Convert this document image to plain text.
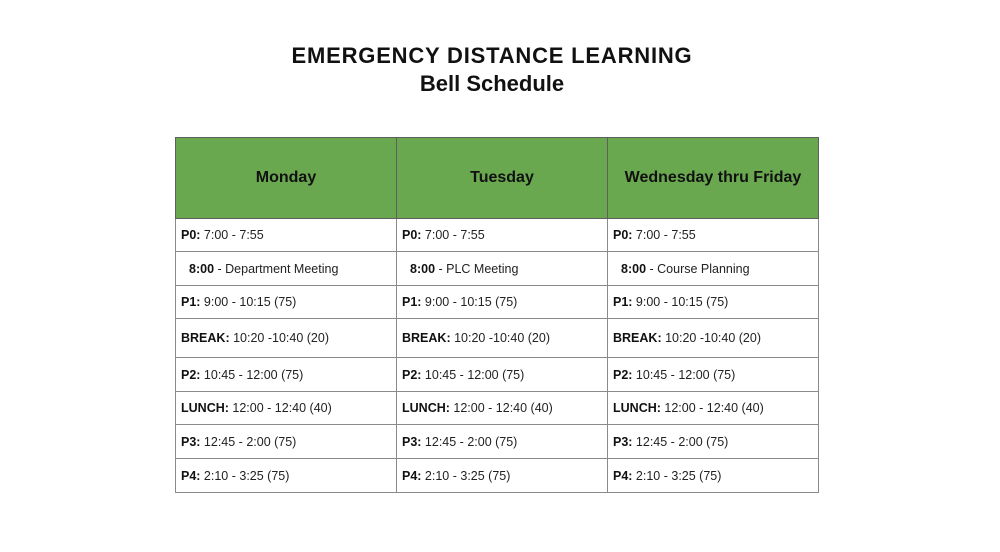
EMERGENCY DISTANCE LEARNING
Bell Schedule
Monday	Tuesday	Wednesday thru Friday
P0: 7:00 - 7:55	P0: 7:00 - 7:55	P0: 7:00 - 7:55
8:00 - Department Meeting	8:00 - PLC Meeting	8:00 - Course Planning
P1: 9:00 - 10:15 (75)	P1: 9:00 - 10:15 (75)	P1: 9:00 - 10:15 (75)
BREAK: 10:20 -10:40 (20)	BREAK: 10:20 -10:40 (20)	BREAK: 10:20 -10:40 (20)
P2: 10:45 - 12:00 (75)	P2: 10:45 - 12:00 (75)	P2: 10:45 - 12:00 (75)
LUNCH: 12:00 - 12:40 (40)	LUNCH: 12:00 - 12:40 (40)	LUNCH: 12:00 - 12:40 (40)
P3: 12:45 - 2:00 (75)	P3: 12:45 - 2:00 (75)	P3: 12:45 - 2:00 (75)
P4: 2:10 - 3:25 (75)	P4: 2:10 - 3:25 (75)	P4: 2:10 - 3:25 (75)
